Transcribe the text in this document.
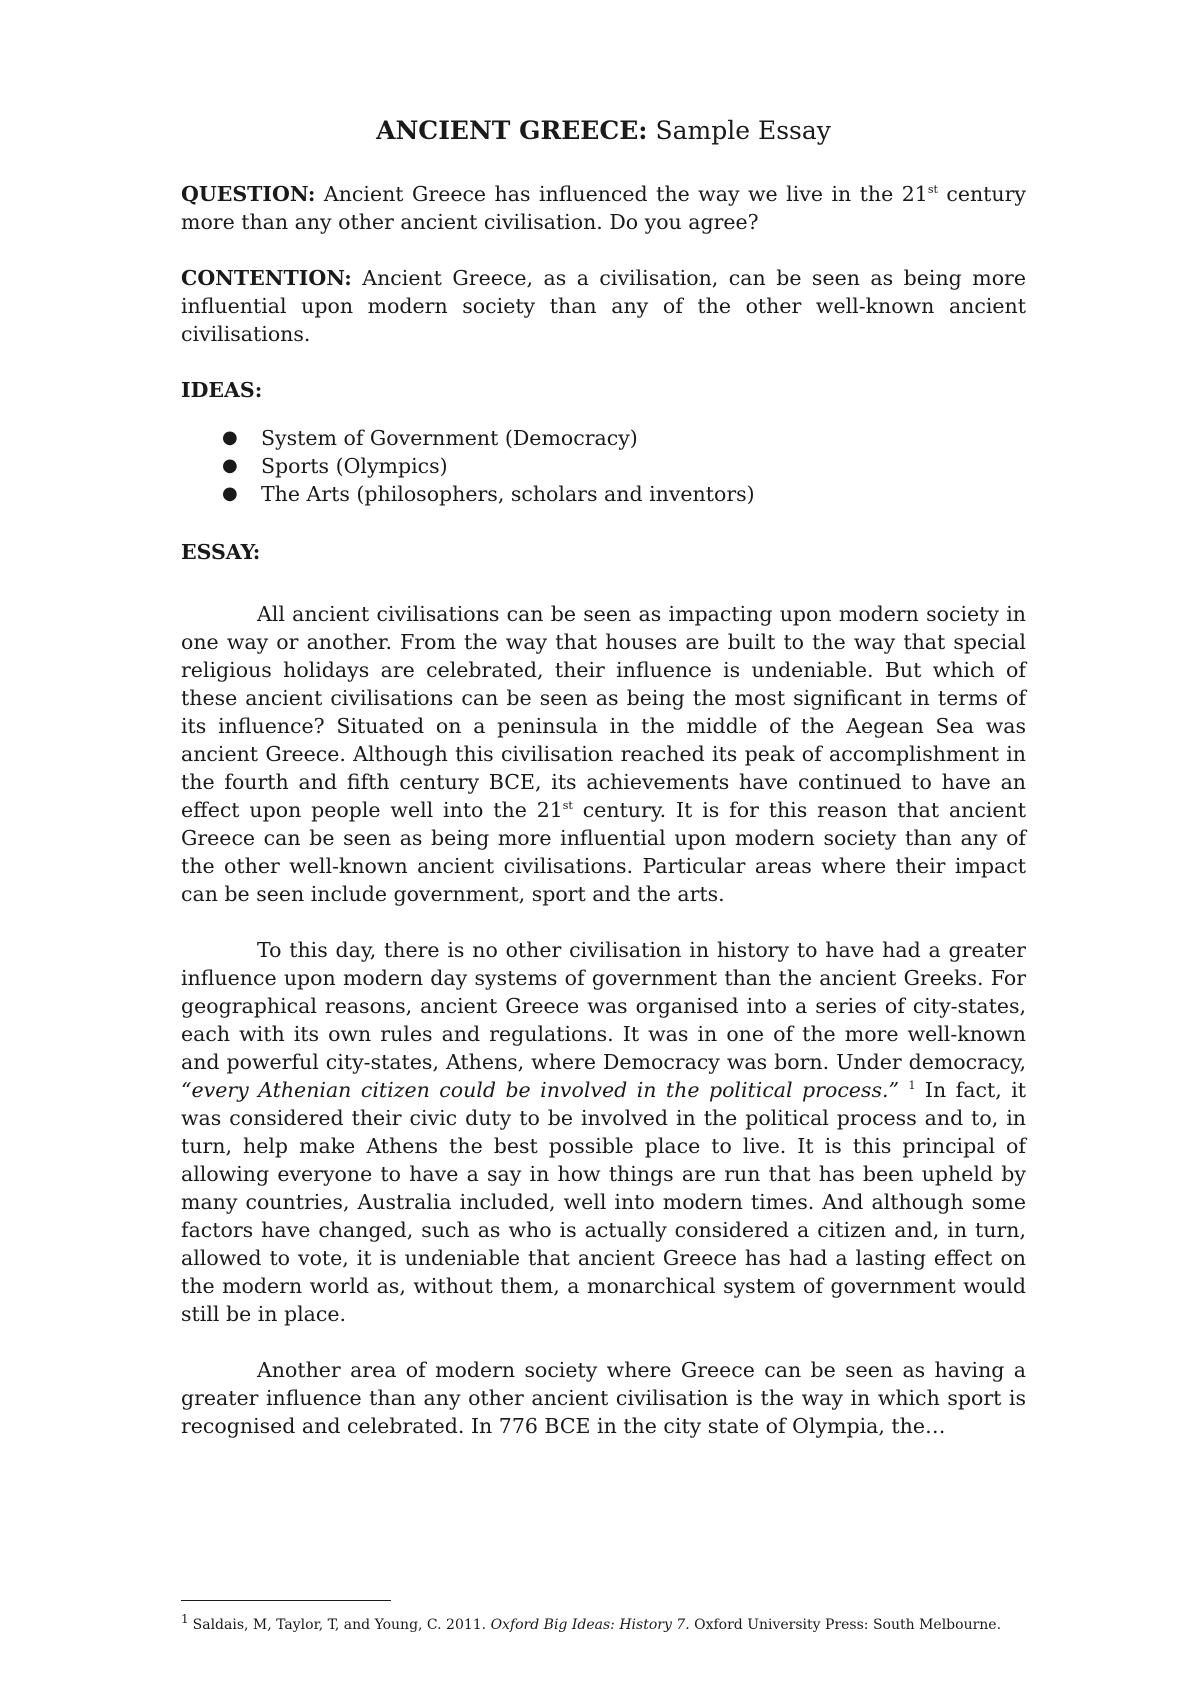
ANCIENT GREECE: Sample Essay

QUESTION: Ancient Greece has influenced the way we live in the 21st century more than any other ancient civilisation. Do you agree?

CONTENTION: Ancient Greece, as a civilisation, can be seen as being more influential upon modern society than any of the other well-known ancient civilisations.

IDEAS:
● System of Government (Democracy)
● Sports (Olympics)
● The Arts (philosophers, scholars and inventors)
ESSAY:

All ancient civilisations can be seen as impacting upon modern society in one way or another. From the way that houses are built to the way that special religious holidays are celebrated, their influence is undeniable. But which of these ancient civilisations can be seen as being the most significant in terms of its influence? Situated on a peninsula in the middle of the Aegean Sea was ancient Greece. Although this civilisation reached its peak of accomplishment in the fourth and fifth century BCE, its achievements have continued to have an effect upon people well into the 21st century. It is for this reason that ancient Greece can be seen as being more influential upon modern society than any of the other well-known ancient civilisations. Particular areas where their impact can be seen include government, sport and the arts.

To this day, there is no other civilisation in history to have had a greater influence upon modern day systems of government than the ancient Greeks. For geographical reasons, ancient Greece was organised into a series of city-states, each with its own rules and regulations. It was in one of the more well-known and powerful city-states, Athens, where Democracy was born. Under democracy, “every Athenian citizen could be involved in the political process.” $^1$ In fact, it was considered their civic duty to be involved in the political process and to, in turn, help make Athens the best possible place to live. It is this principal of allowing everyone to have a say in how things are run that has been upheld by many countries, Australia included, well into modern times. And although some factors have changed, such as who is actually considered a citizen and, in turn, allowed to vote, it is undeniable that ancient Greece has had a lasting effect on the modern world as, without them, a monarchical system of government would still be in place.

Another area of modern society where Greece can be seen as having a greater influence than any other ancient civilisation is the way in which sport is recognised and celebrated. In 776 BCE in the city state of Olympia, the…

1 Saldais, M, Taylor, T, and Young, C. 2011. Oxford Big Ideas: History 7. Oxford University Press: South Melbourne.
